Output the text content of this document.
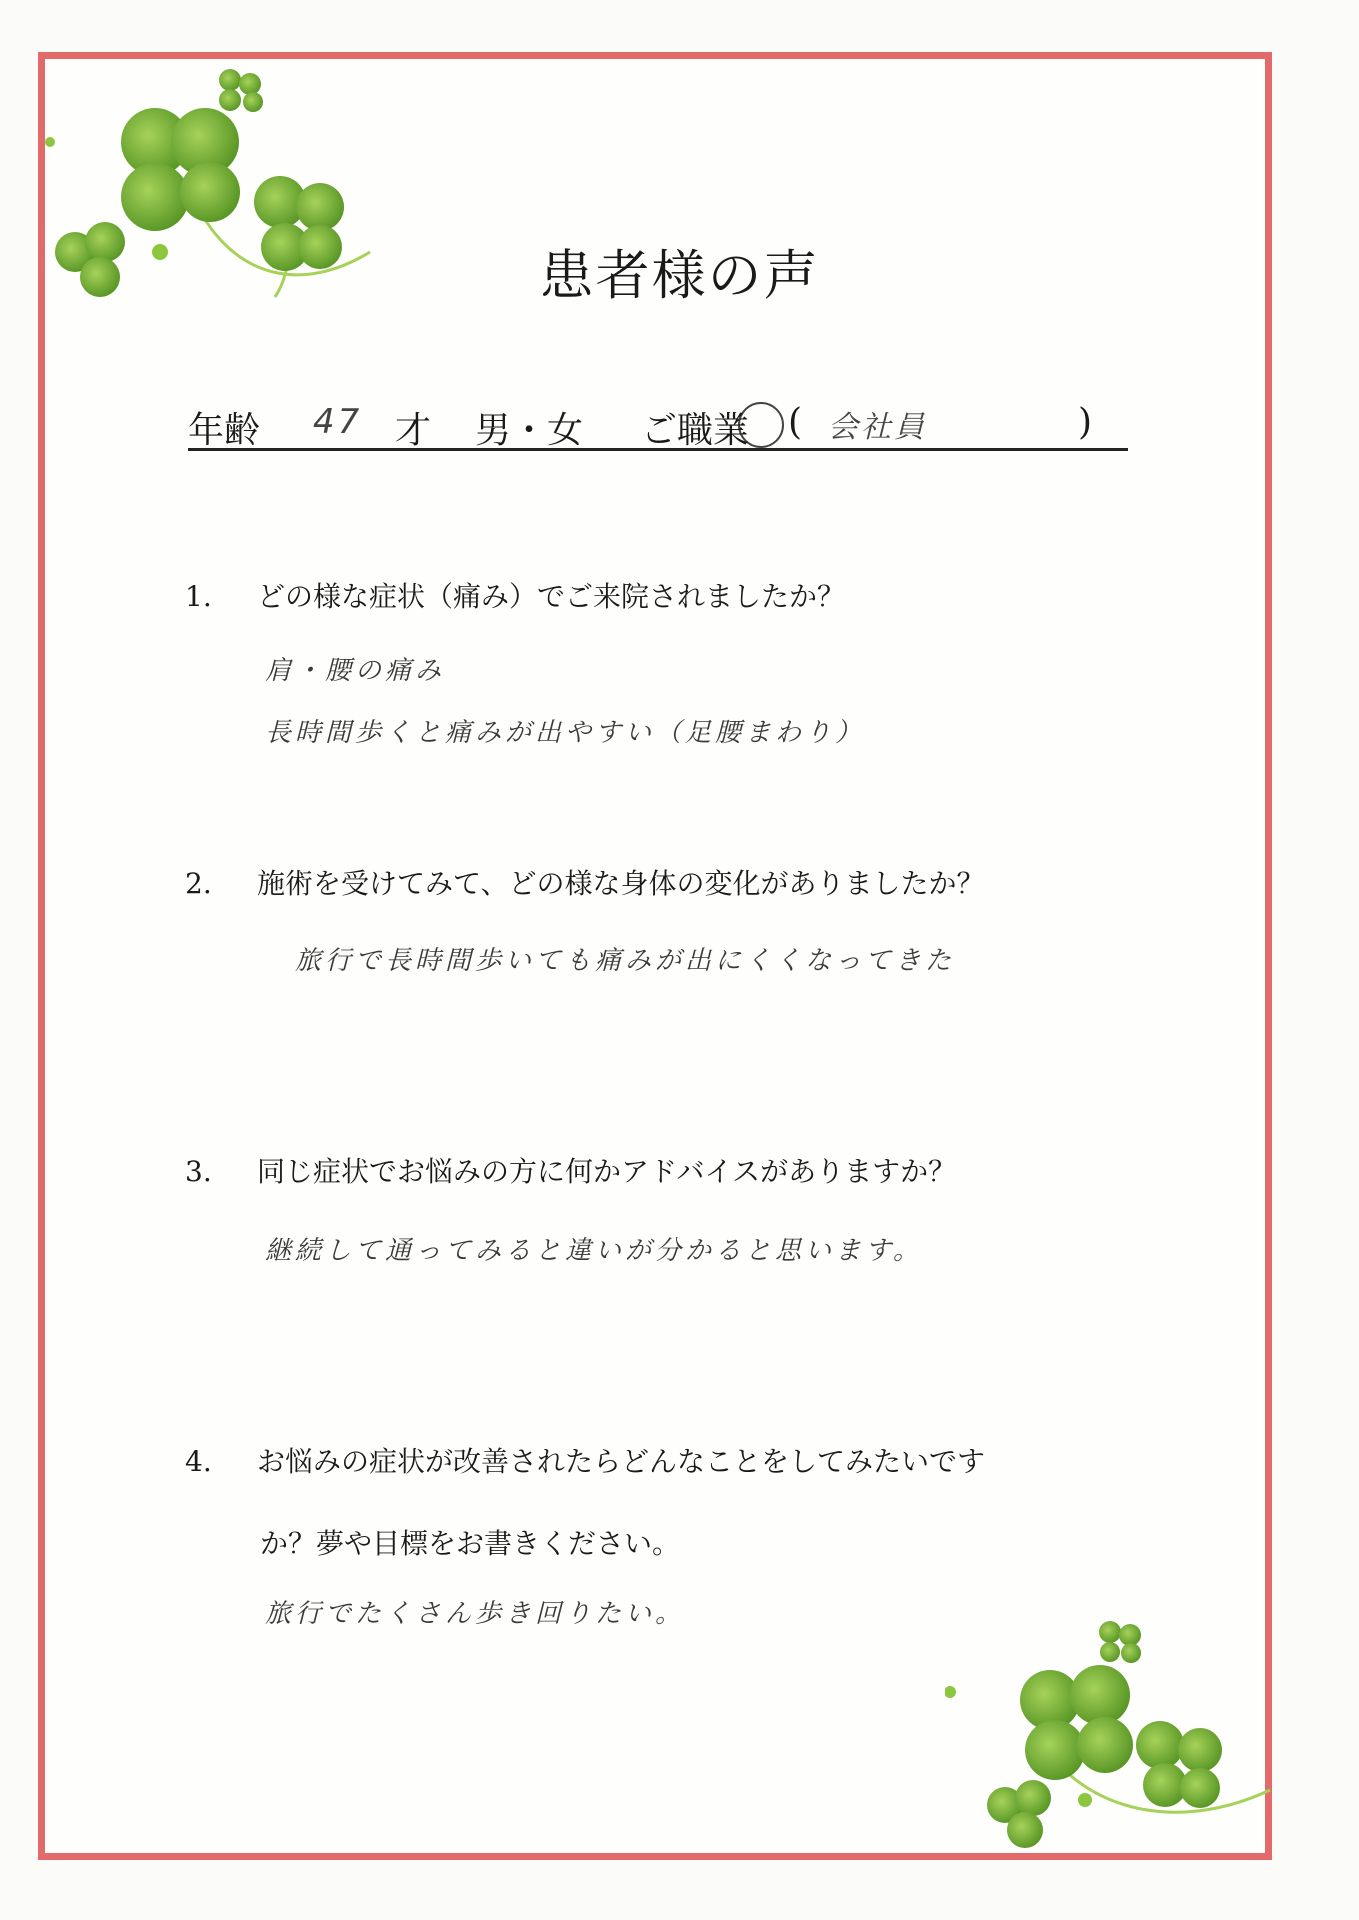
患者様の声
年齢 47 才 男・女 ご職業 ( 会社員	)
1. どの様な症状（痛み）でご来院されましたか？
肩・腰の痛み
長時間歩くと痛みが出やすい（足腰まわり）
2. 施術を受けてみて、どの様な身体の変化がありましたか？
旅行で長時間歩いても痛みが出にくくなってきた
3. 同じ症状でお悩みの方に何かアドバイスがありますか？
継続して通ってみると違いが分かると思います。
4. お悩みの症状が改善されたらどんなことをしてみたいです
か？夢や目標をお書きください。
旅行でたくさん歩き回りたい。
